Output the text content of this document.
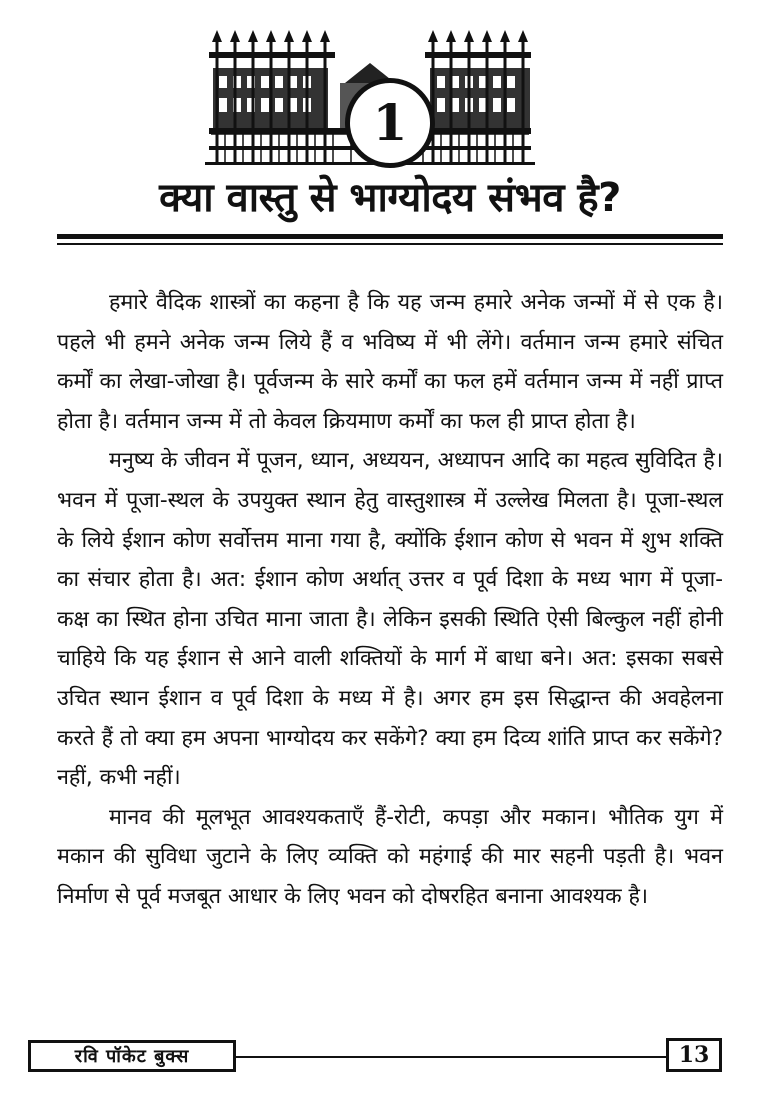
1
क्या वास्तु से भाग्योदय संभव है?

हमारे वैदिक शास्त्रों का कहना है कि यह जन्म हमारे अनेक जन्मों में से एक है। पहले भी हमने अनेक जन्म लिये हैं व भविष्य में भी लेंगे। वर्तमान जन्म हमारे संचित कर्मों का लेखा-जोखा है। पूर्वजन्म के सारे कर्मों का फल हमें वर्तमान जन्म में नहीं प्राप्त होता है। वर्तमान जन्म में तो केवल क्रियमाण कर्मों का फल ही प्राप्त होता है।

मनुष्य के जीवन में पूजन, ध्यान, अध्ययन, अध्यापन आदि का महत्व सुविदित है। भवन में पूजा-स्थल के उपयुक्त स्थान हेतु वास्तुशास्त्र में उल्लेख मिलता है। पूजा-स्थल के लिये ईशान कोण सर्वोत्तम माना गया है, क्योंकि ईशान कोण से भवन में शुभ शक्ति का संचार होता है। अत: ईशान कोण अर्थात् उत्तर व पूर्व दिशा के मध्य भाग में पूजा-कक्ष का स्थित होना उचित माना जाता है। लेकिन इसकी स्थिति ऐसी बिल्कुल नहीं होनी चाहिये कि यह ईशान से आने वाली शक्तियों के मार्ग में बाधा बने। अत: इसका सबसे उचित स्थान ईशान व पूर्व दिशा के मध्य में है। अगर हम इस सिद्धान्त की अवहेलना करते हैं तो क्या हम अपना भाग्योदय कर सकेंगे? क्या हम दिव्य शांति प्राप्त कर सकेंगे? नहीं, कभी नहीं।

मानव की मूलभूत आवश्यकताएँ हैं-रोटी, कपड़ा और मकान। भौतिक युग में मकान की सुविधा जुटाने के लिए व्यक्ति को महंगाई की मार सहनी पड़ती है। भवन निर्माण से पूर्व मजबूत आधार के लिए भवन को दोषरहित बनाना आवश्यक है।

रवि पॉकेट बुक्स	13
